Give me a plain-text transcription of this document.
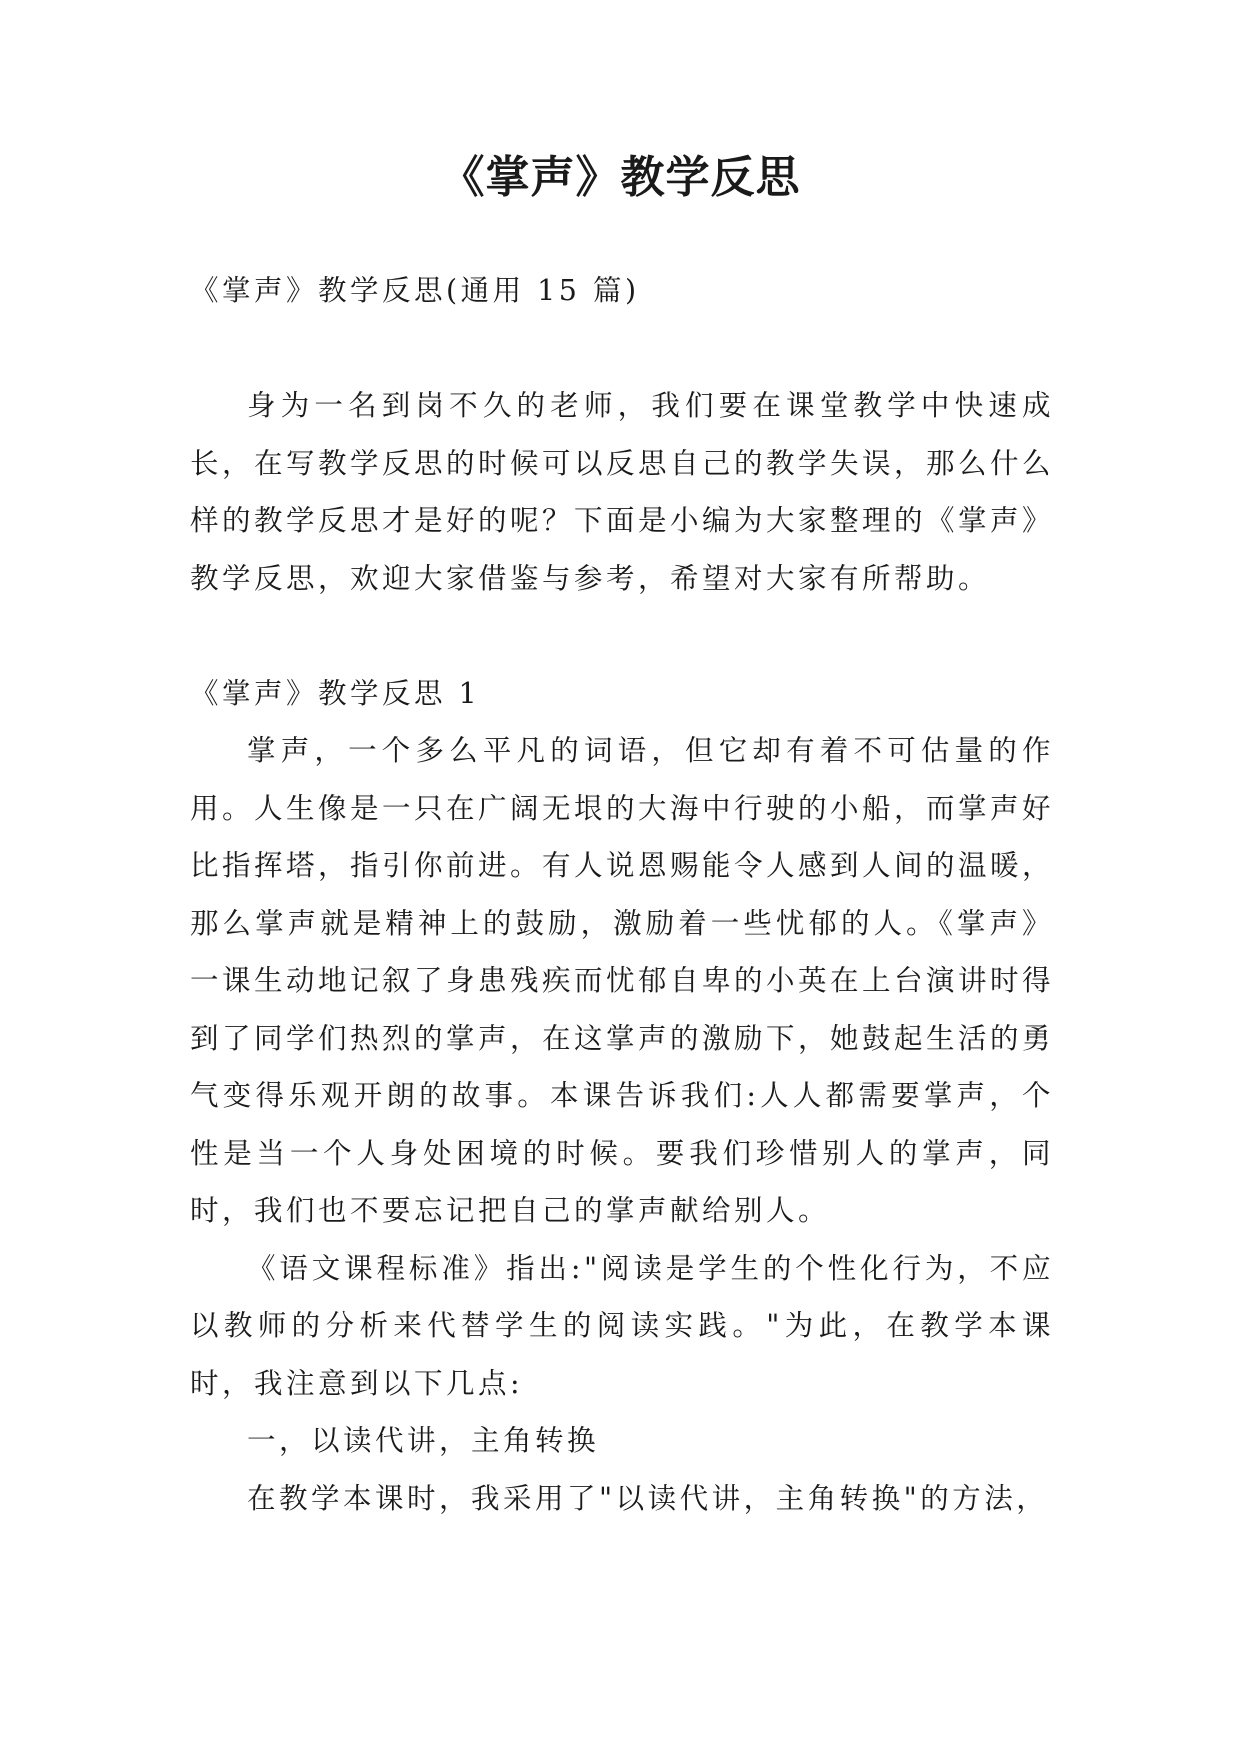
《掌声》教学反思

《掌声》教学反思(通用 15 篇)

身为一名到岗不久的老师，我们要在课堂教学中快速成长，在写教学反思的时候可以反思自己的教学失误，那么什么样的教学反思才是好的呢？下面是小编为大家整理的《掌声》教学反思，欢迎大家借鉴与参考，希望对大家有所帮助。

《掌声》教学反思 1

掌声，一个多么平凡的词语，但它却有着不可估量的作用。人生像是一只在广阔无垠的大海中行驶的小船，而掌声好比指挥塔，指引你前进。有人说恩赐能令人感到人间的温暖，那么掌声就是精神上的鼓励，激励着一些忧郁的人。《掌声》一课生动地记叙了身患残疾而忧郁自卑的小英在上台演讲时得到了同学们热烈的掌声，在这掌声的激励下，她鼓起生活的勇气变得乐观开朗的故事。本课告诉我们:人人都需要掌声，个性是当一个人身处困境的时候。要我们珍惜别人的掌声，同时，我们也不要忘记把自己的掌声献给别人。

《语文课程标准》指出:"阅读是学生的个性化行为，不应以教师的分析来代替学生的阅读实践。"为此，在教学本课时，我注意到以下几点:

一，以读代讲，主角转换

在教学本课时，我采用了"以读代讲，主角转换"的方法，
